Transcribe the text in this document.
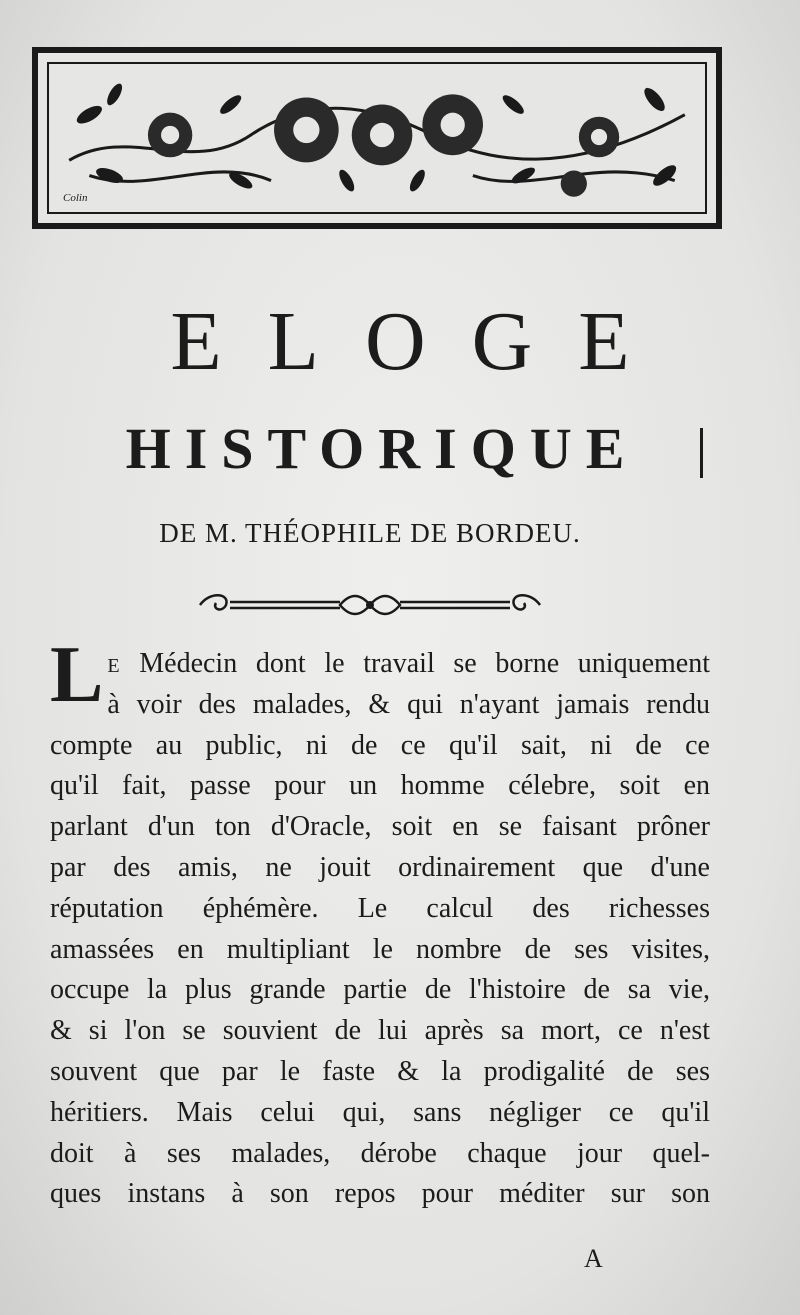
Colin
ELOGE
HISTORIQUE
DE M. THÉOPHILE DE BORDEU.
L E Médecin dont le travail se borne uniquement
à voir des malades, & qui n'ayant jamais rendu
compte au public, ni de ce qu'il sait, ni de ce
qu'il fait, passe pour un homme célebre, soit en
parlant d'un ton d'Oracle, soit en se faisant prôner
par des amis, ne jouit ordinairement que d'une
réputation éphémère. Le calcul des richesses
amassées en multipliant le nombre de ses visites,
occupe la plus grande partie de l'histoire de sa vie,
& si l'on se souvient de lui après sa mort, ce n'est
souvent que par le faste & la prodigalité de ses
héritiers. Mais celui qui, sans négliger ce qu'il
doit à ses malades, dérobe chaque jour quel-
ques instans à son repos pour méditer sur son
A
